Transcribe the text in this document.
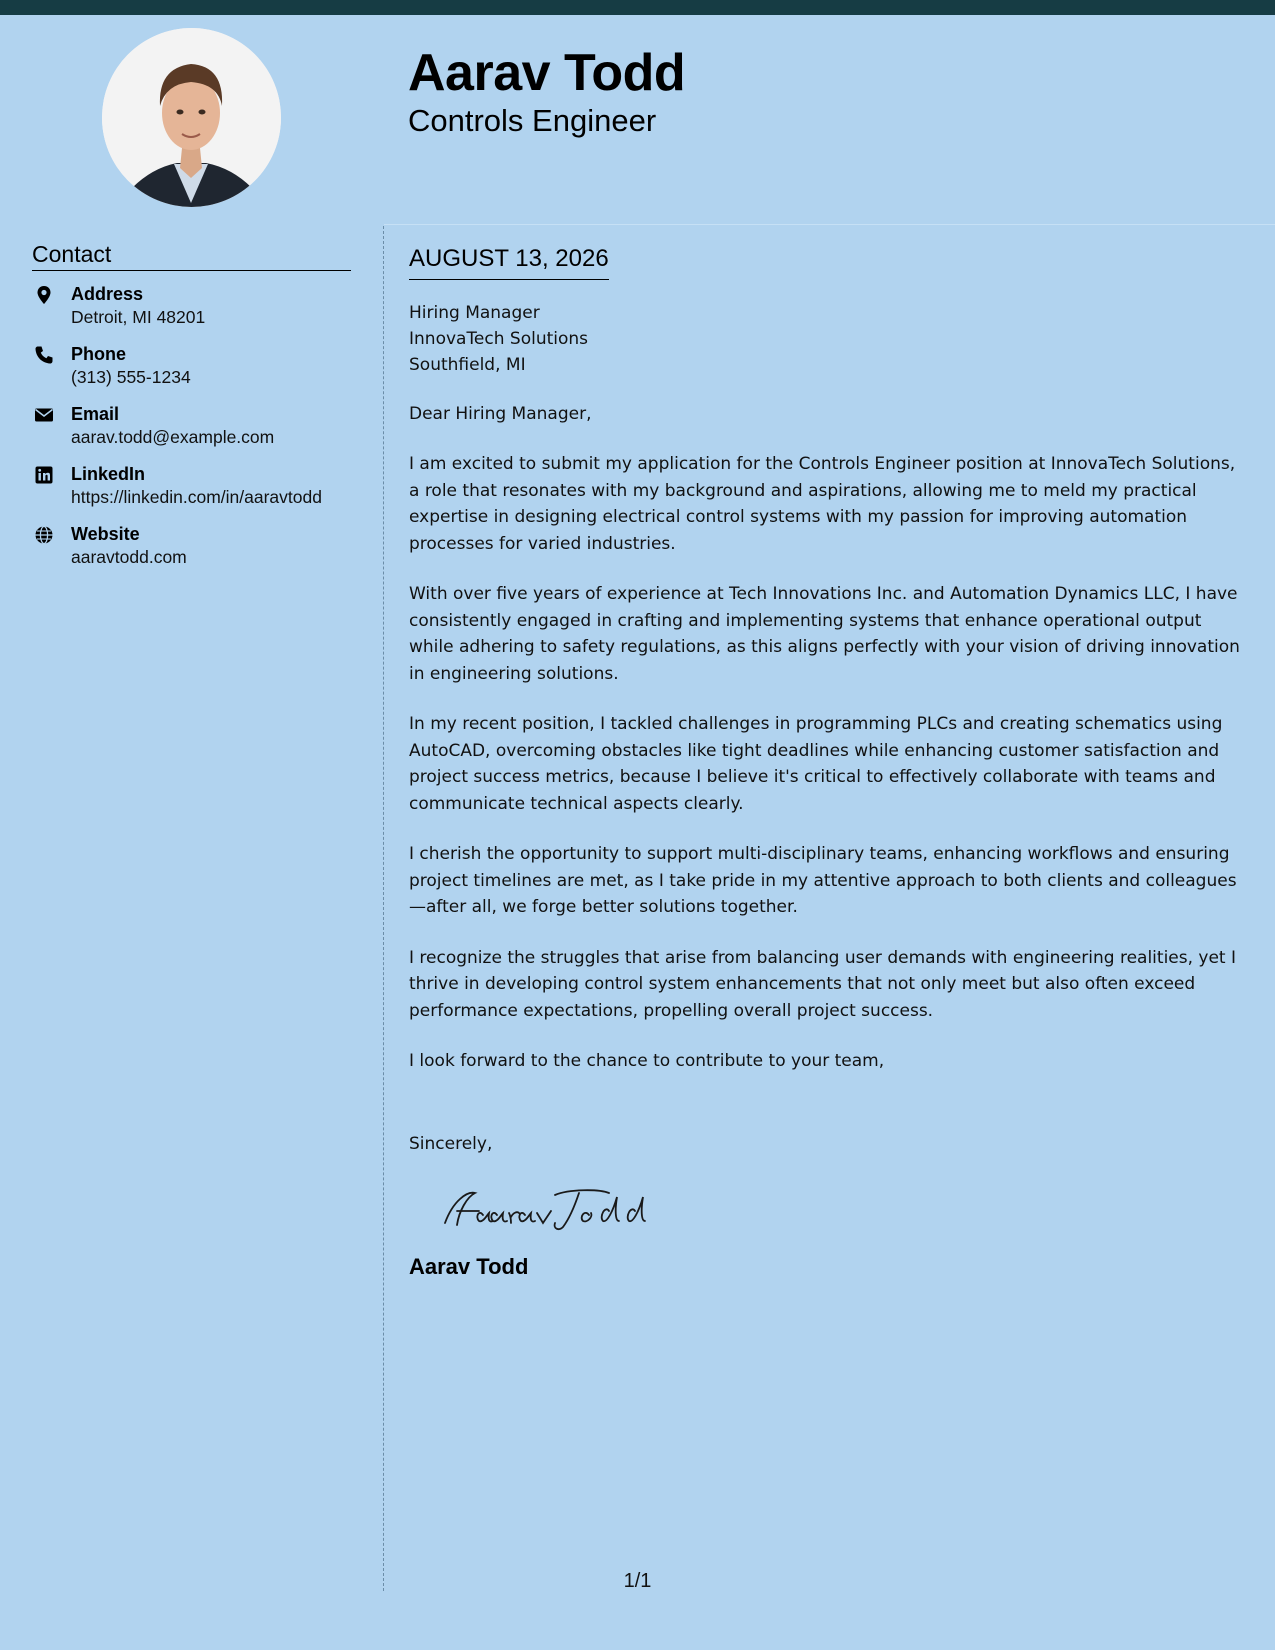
Aarav Todd
Controls Engineer
Contact
Address
Detroit, MI 48201
Phone
(313) 555-1234
Email
aarav.todd@example.com
LinkedIn
https://linkedin.com/in/aaravtodd
Website
aaravtodd.com
AUGUST 13, 2026
Hiring Manager
InnovaTech Solutions
Southfield, MI
Dear Hiring Manager,
I am excited to submit my application for the Controls Engineer position at InnovaTech Solutions, a role that resonates with my background and aspirations, allowing me to meld my practical expertise in designing electrical control systems with my passion for improving automation processes for varied industries.
With over five years of experience at Tech Innovations Inc. and Automation Dynamics LLC, I have consistently engaged in crafting and implementing systems that enhance operational output while adhering to safety regulations, as this aligns perfectly with your vision of driving innovation in engineering solutions.
In my recent position, I tackled challenges in programming PLCs and creating schematics using AutoCAD, overcoming obstacles like tight deadlines while enhancing customer satisfaction and project success metrics, because I believe it's critical to effectively collaborate with teams and communicate technical aspects clearly.
I cherish the opportunity to support multi-disciplinary teams, enhancing workflows and ensuring project timelines are met, as I take pride in my attentive approach to both clients and colleagues—after all, we forge better solutions together.
I recognize the struggles that arise from balancing user demands with engineering realities, yet I thrive in developing control system enhancements that not only meet but also often exceed performance expectations, propelling overall project success.
I look forward to the chance to contribute to your team,
Sincerely,
Aarav Todd
1/1
